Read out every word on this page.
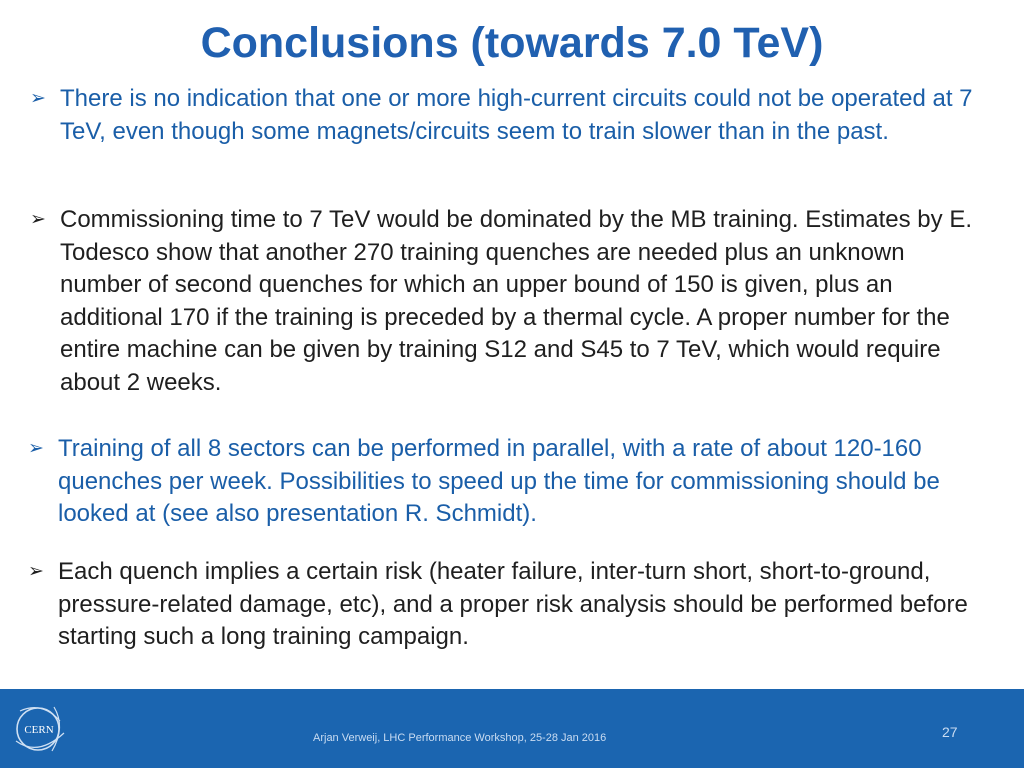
Conclusions (towards 7.0 TeV)
➢ There is no indication that one or more high-current circuits could not be operated at 7 TeV, even though some magnets/circuits seem to train slower than in the past.
➢ Commissioning time to 7 TeV would be dominated by the MB training. Estimates by E. Todesco show that another 270 training quenches are needed plus an unknown number of second quenches for which an upper bound of 150 is given, plus an additional 170 if the training is preceded by a thermal cycle. A proper number for the entire machine can be given by training S12 and S45 to 7 TeV, which would require about 2 weeks.
➢ Training of all 8 sectors can be performed in parallel, with a rate of about 120-160 quenches per week. Possibilities to speed up the time for commissioning should be looked at (see also presentation R. Schmidt).
➢ Each quench implies a certain risk (heater failure, inter-turn short, short-to-ground, pressure-related damage, etc), and a proper risk analysis should be performed before starting such a long training campaign.
CERN
Arjan Verweij, LHC Performance Workshop, 25-28 Jan 2016	27
